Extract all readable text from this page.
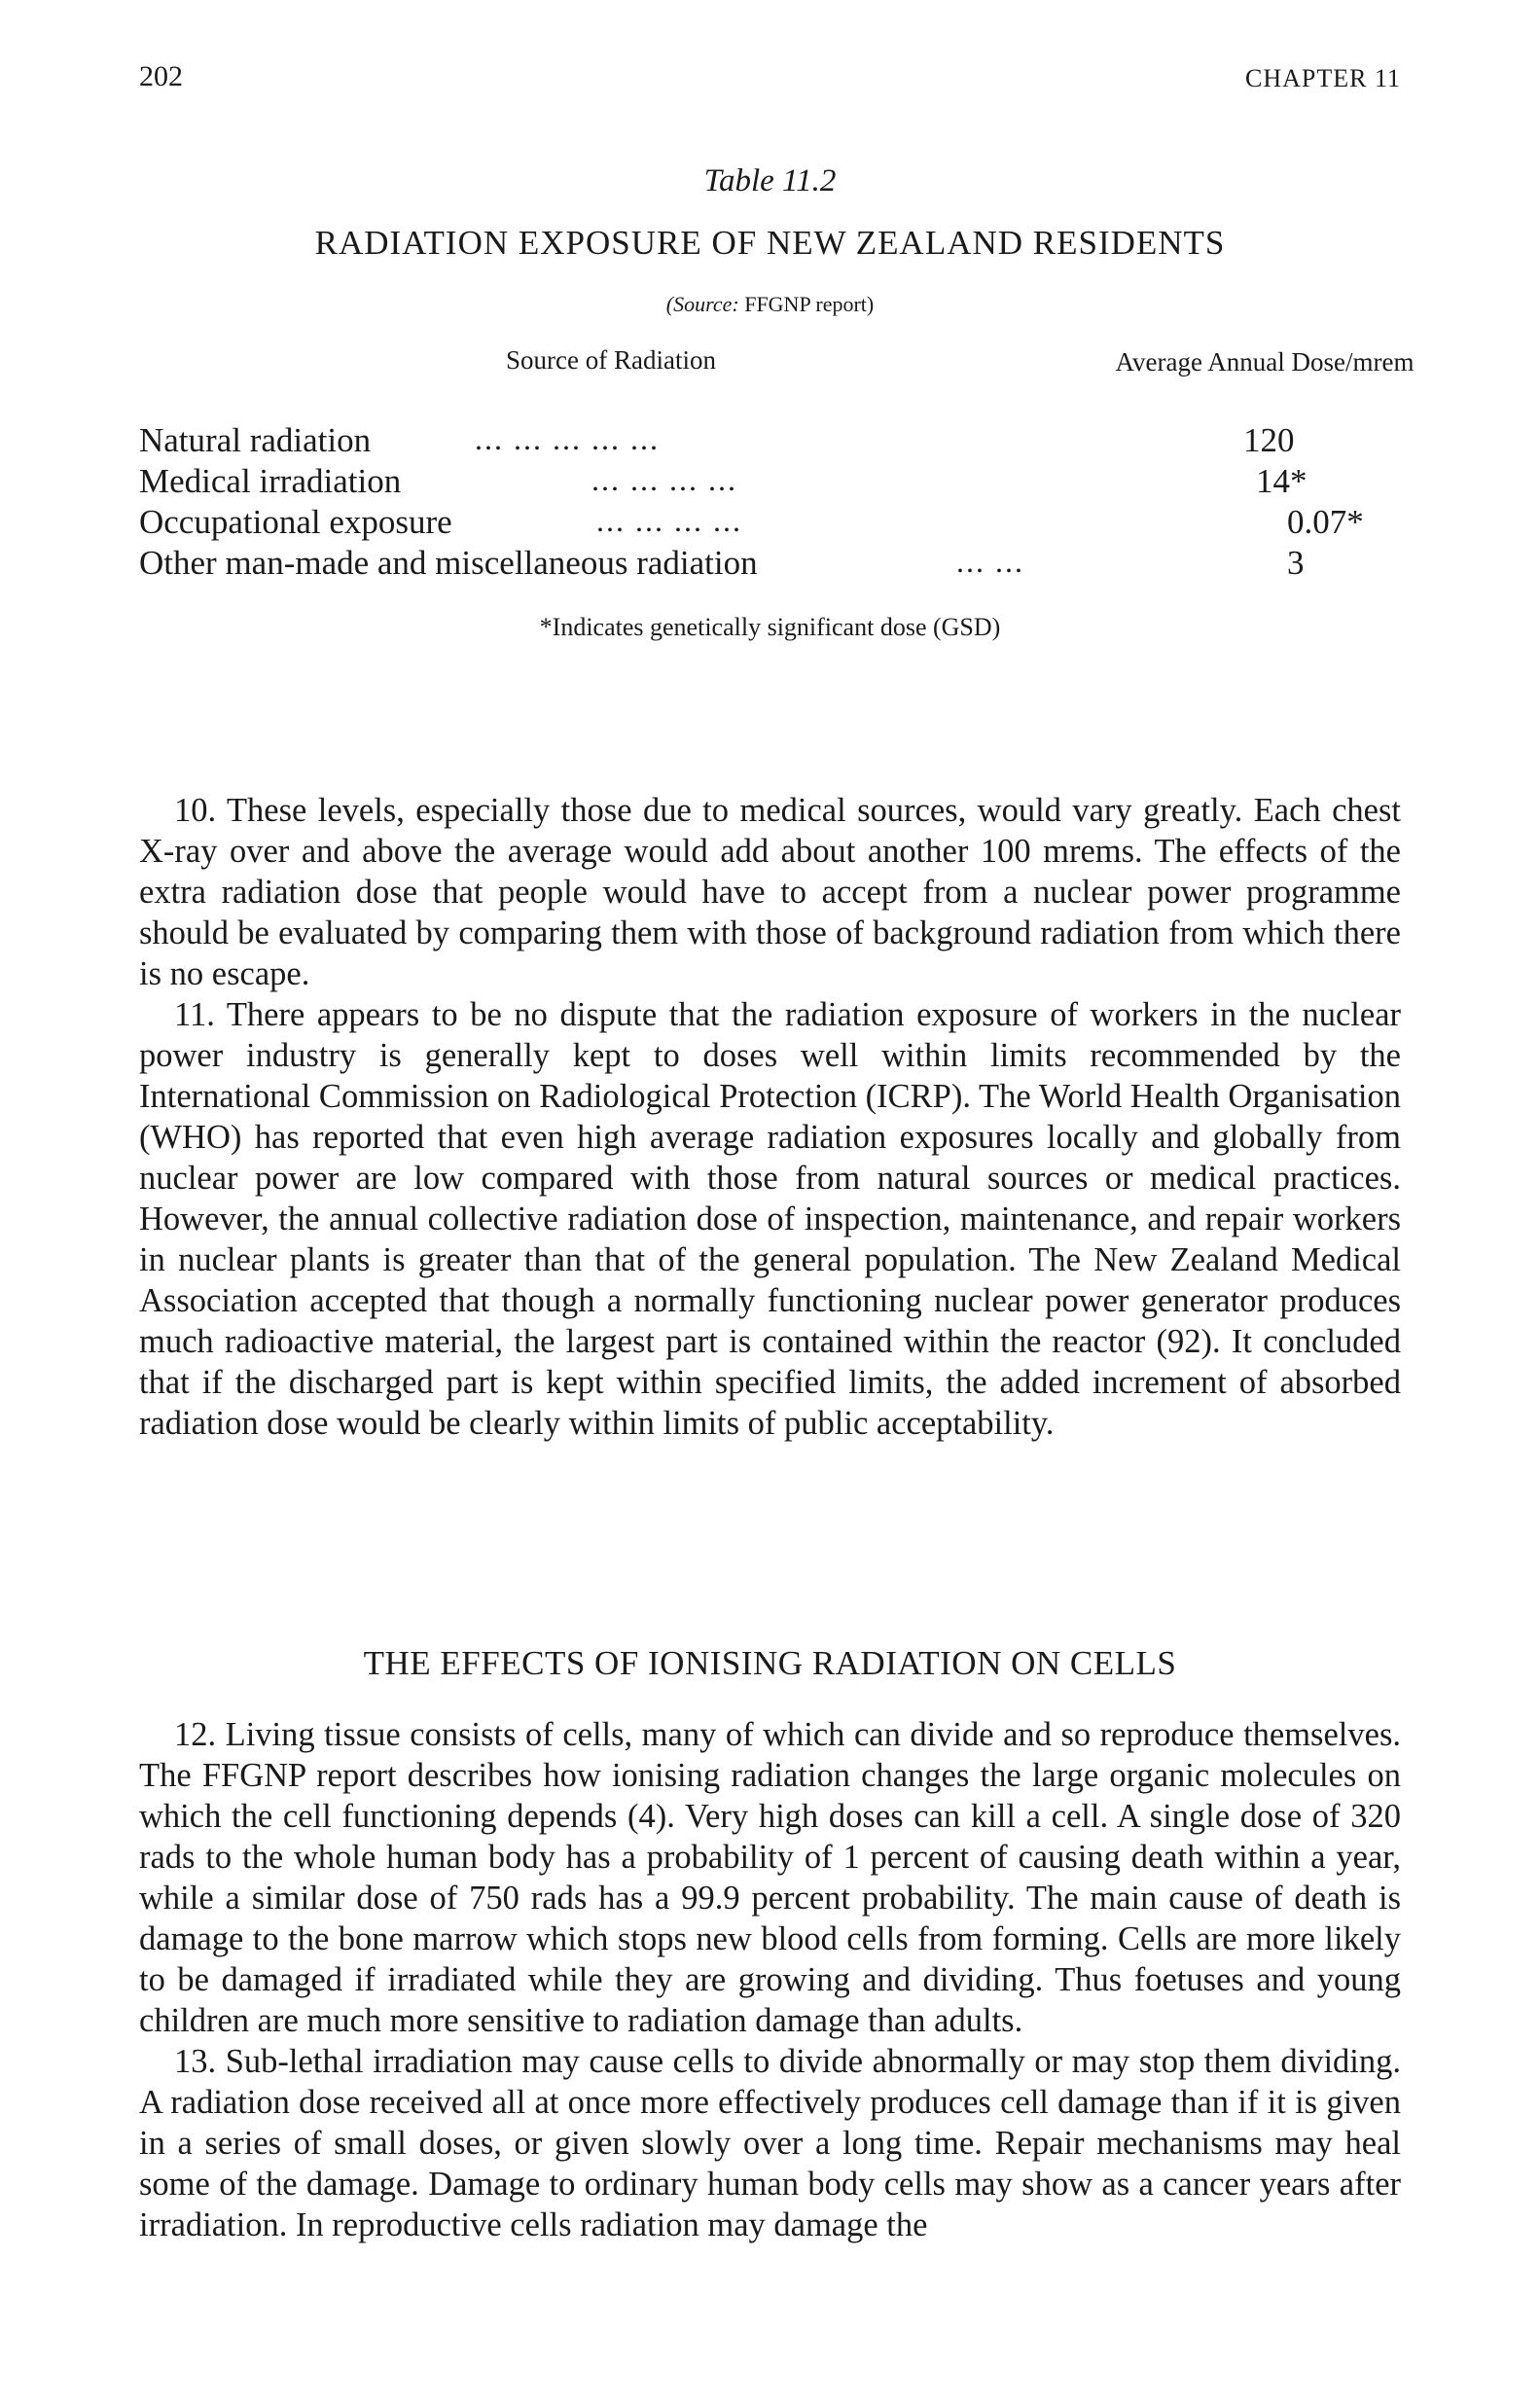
202	CHAPTER 11
Table 11.2
RADIATION EXPOSURE OF NEW ZEALAND RESIDENTS
(Source: FFGNP report)
Source of Radiation	Average Annual Dose/mrem
Natural radiation	... ... ... ... ...	120
Medical irradiation	... ... ... ...	14*
Occupational exposure	... ... ... ...	0.07*
Other man-made and miscellaneous radiation	... ...	3
*Indicates genetically significant dose (GSD)

10. These levels, especially those due to medical sources, would vary greatly. Each chest X-ray over and above the average would add about another 100 mrems. The effects of the extra radiation dose that people would have to accept from a nuclear power programme should be evaluated by comparing them with those of background radiation from which there is no escape.

11. There appears to be no dispute that the radiation exposure of workers in the nuclear power industry is generally kept to doses well within limits recommended by the International Commission on Radiological Protection (ICRP). The World Health Organisation (WHO) has reported that even high average radiation exposures locally and globally from nuclear power are low compared with those from natural sources or medical practices. However, the annual collective radiation dose of inspection, maintenance, and repair workers in nuclear plants is greater than that of the general population. The New Zealand Medical Association accepted that though a normally functioning nuclear power generator produces much radioactive material, the largest part is contained within the reactor (92). It concluded that if the discharged part is kept within specified limits, the added increment of absorbed radiation dose would be clearly within limits of public acceptability.

THE EFFECTS OF IONISING RADIATION ON CELLS

12. Living tissue consists of cells, many of which can divide and so reproduce themselves. The FFGNP report describes how ionising radiation changes the large organic molecules on which the cell functioning depends (4). Very high doses can kill a cell. A single dose of 320 rads to the whole human body has a probability of 1 percent of causing death within a year, while a similar dose of 750 rads has a 99.9 percent probability. The main cause of death is damage to the bone marrow which stops new blood cells from forming. Cells are more likely to be damaged if irradiated while they are growing and dividing. Thus foetuses and young children are much more sensitive to radiation damage than adults.

13. Sub-lethal irradiation may cause cells to divide abnormally or may stop them dividing. A radiation dose received all at once more effectively produces cell damage than if it is given in a series of small doses, or given slowly over a long time. Repair mechanisms may heal some of the damage. Damage to ordinary human body cells may show as a cancer years after irradiation. In reproductive cells radiation may damage the
